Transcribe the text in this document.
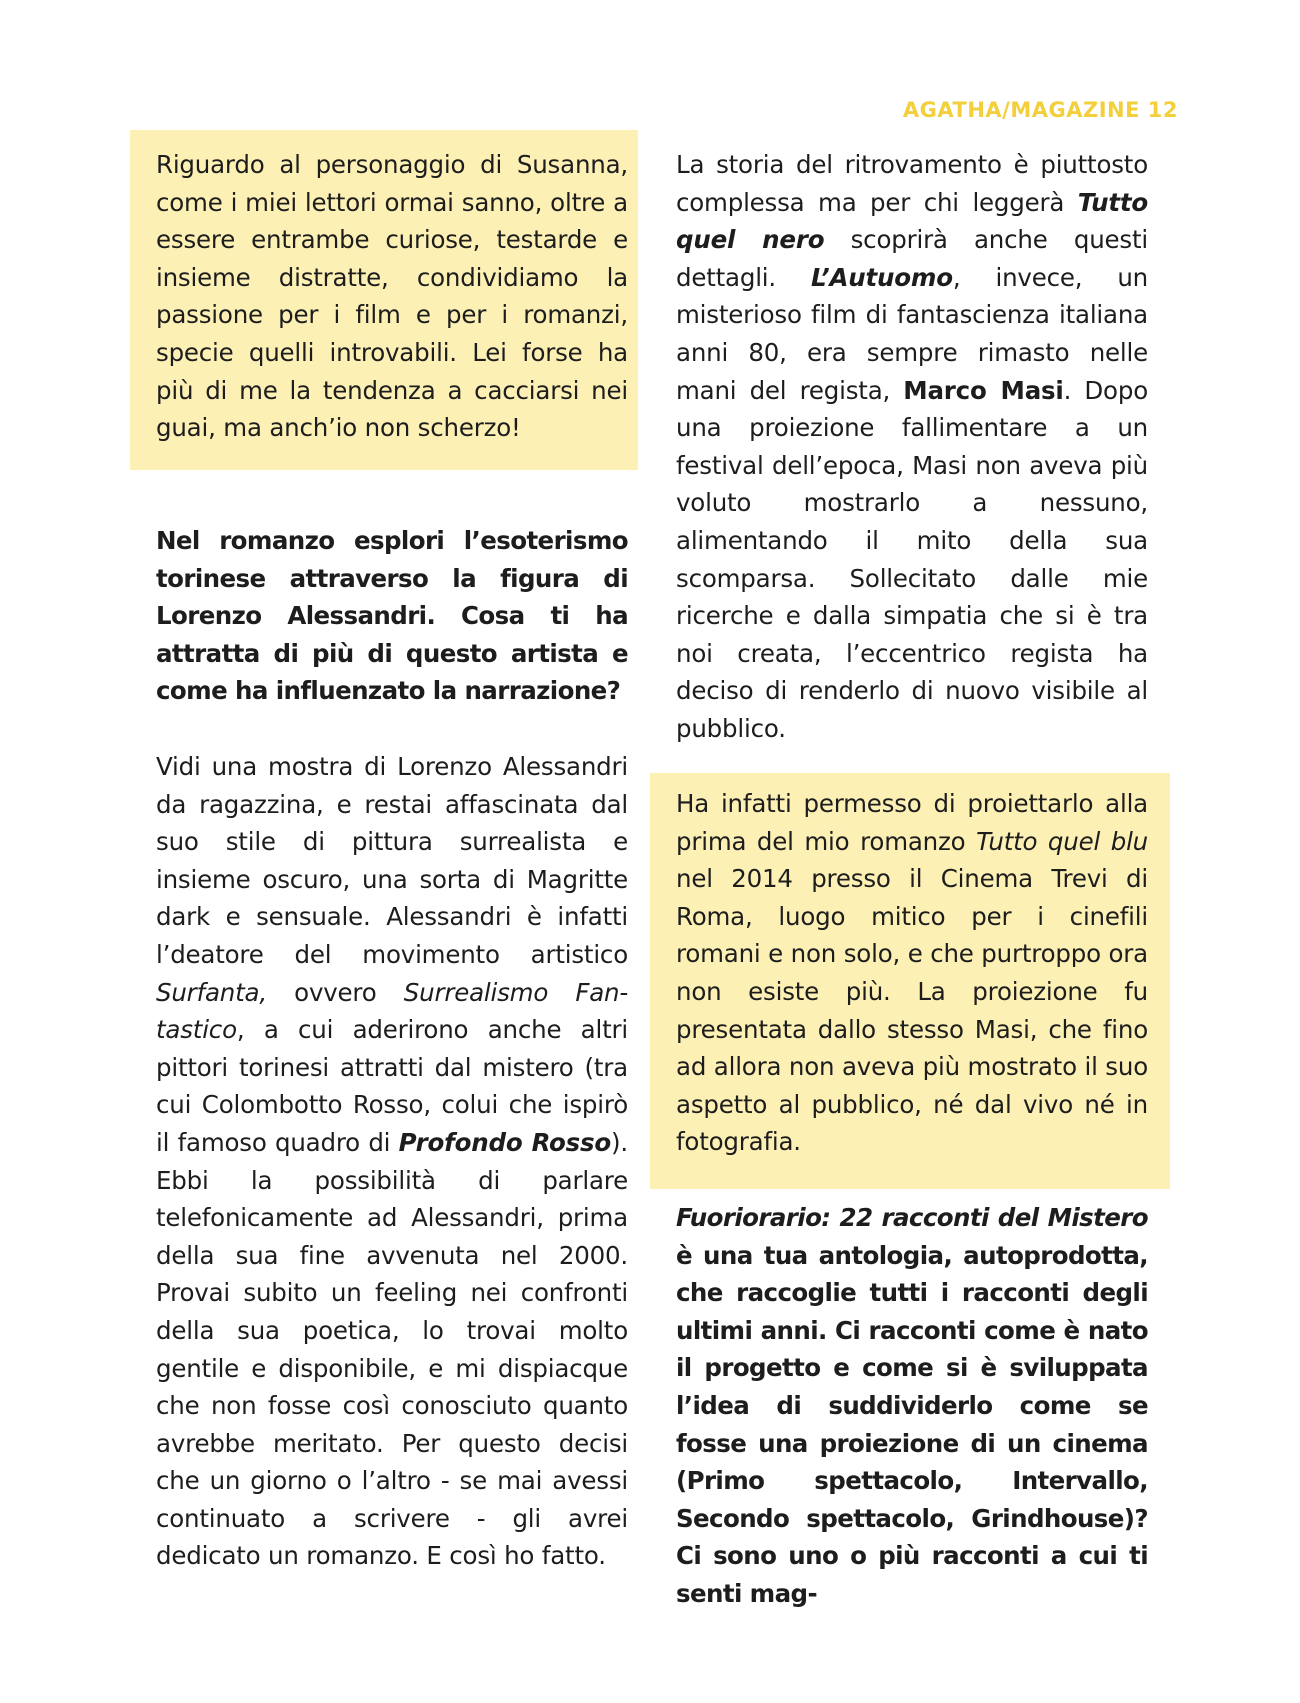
AGATHA/MAGAZINE 12

Riguardo al personaggio di Susanna, come i miei lettori ormai sanno, oltre a essere entrambe curiose, testarde e insieme distratte, condividiamo la passione per i film e per i romanzi, specie quelli introvabili. Lei forse ha più di me la tendenza a cacciarsi nei guai, ma anch’io non scherzo!

Nel romanzo esplori l’esoterismo torinese attraverso la figura di Lorenzo Alessandri. Cosa ti ha attratta di più di questo artista e come ha influenzato la narrazione?

Vidi una mostra di Lorenzo Alessandri da ragazzina, e restai affascinata dal suo stile di pittura surrealista e insieme oscuro, una sorta di Magritte dark e sensuale. Alessandri è infatti l’deatore del movimento artistico Surfanta, ovvero Surrealismo Fan-tastico, a cui aderirono anche altri pittori torinesi attratti dal mistero (tra cui Colombotto Rosso, colui che ispirò il famoso quadro di Profondo Rosso). Ebbi la possibilità di parlare telefonicamente ad Alessandri, prima della sua fine avvenuta nel 2000. Provai subito un feeling nei confronti della sua poetica, lo trovai molto gentile e disponibile, e mi dispiacque che non fosse così conosciuto quanto avrebbe meritato. Per questo decisi che un giorno o l’altro - se mai avessi continuato a scrivere - gli avrei dedicato un romanzo. E così ho fatto.

La storia del ritrovamento è piuttosto complessa ma per chi leggerà Tutto quel nero scoprirà anche questi dettagli. L’Autuomo, invece, un misterioso film di fantascienza italiana anni 80, era sempre rimasto nelle mani del regista, Marco Masi. Dopo una proiezione fallimentare a un festival dell’epoca, Masi non aveva più voluto mostrarlo a nessuno, alimentando il mito della sua scomparsa. Sollecitato dalle mie ricerche e dalla simpatia che si è tra noi creata, l’eccentrico regista ha deciso di renderlo di nuovo visibile al pubblico.

Ha infatti permesso di proiettarlo alla prima del mio romanzo Tutto quel blu nel 2014 presso il Cinema Trevi di Roma, luogo mitico per i cinefili romani e non solo, e che purtroppo ora non esiste più. La proiezione fu presentata dallo stesso Masi, che fino ad allora non aveva più mostrato il suo aspetto al pubblico, né dal vivo né in fotografia.

Fuoriorario: 22 racconti del Mistero è una tua antologia, autoprodotta, che raccoglie tutti i racconti degli ultimi anni. Ci racconti come è nato il progetto e come si è sviluppata l’idea di suddividerlo come se fosse una proiezione di un cinema (Primo spettacolo, Intervallo, Secondo spettacolo, Grindhouse)? Ci sono uno o più racconti a cui ti senti mag-
